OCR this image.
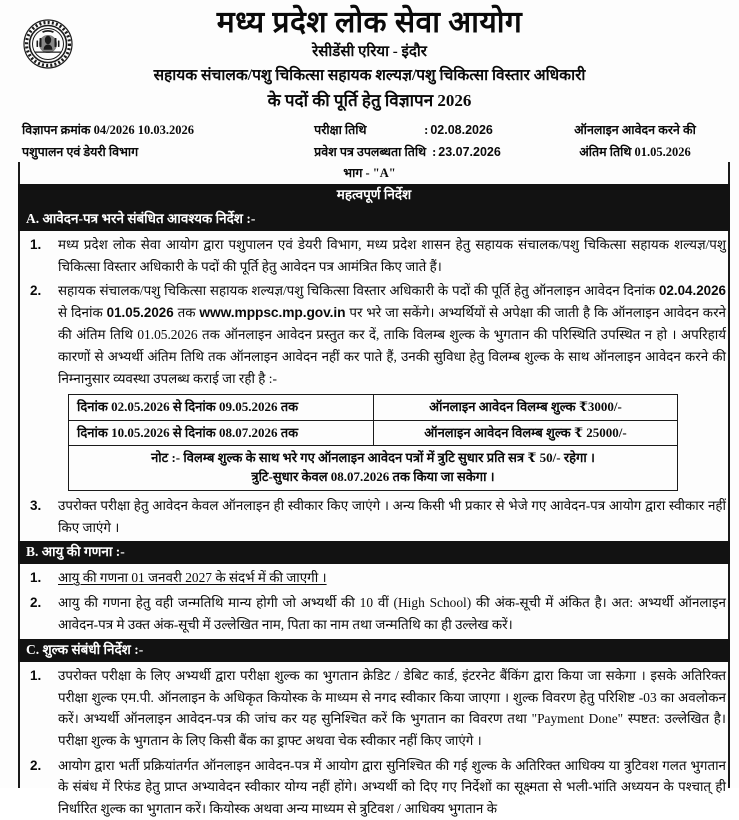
मध्य प्रदेश लोक सेवा आयोग
रेसीडेंसी एरिया - इंदौर
सहायक संचालक/पशु चिकित्सा सहायक शल्यज्ञ/पशु चिकित्सा विस्तार अधिकारी
के पदों की पूर्ति हेतु विज्ञापन 2026
विज्ञापन क्रमांक 04/2026 10.03.2026
पशुपालन एवं डेयरी विभाग
परीक्षा तिथि	: 02.08.2026
प्रवेश पत्र उपलब्धता तिथि : 23.07.2026
ऑनलाइन आवेदन करने की
अंतिम तिथि 01.05.2026
भाग - "A"
महत्वपूर्ण निर्देश
A. आवेदन-पत्र भरने संबंधित आवश्यक निर्देश :-
1.	मध्य प्रदेश लोक सेवा आयोग द्वारा पशुपालन एवं डेयरी विभाग, मध्य प्रदेश शासन हेतु सहायक संचालक/पशु चिकित्सा सहायक शल्यज्ञ/पशु चिकित्सा विस्तार अधिकारी के पदों की पूर्ति हेतु आवेदन पत्र आमंत्रित किए जाते हैं।
2.	सहायक संचालक/पशु चिकित्सा सहायक शल्यज्ञ/पशु चिकित्सा विस्तार अधिकारी के पदों की पूर्ति हेतु ऑनलाइन आवेदन दिनांक 02.04.2026 से दिनांक 01.05.2026 तक www.mppsc.mp.gov.in पर भरे जा सकेंगे। अभ्यर्थियों से अपेक्षा की जाती है कि ऑनलाइन आवेदन करने की अंतिम तिथि 01.05.2026 तक ऑनलाइन आवेदन प्रस्तुत कर दें, ताकि विलम्ब शुल्क के भुगतान की परिस्थिति उपस्थित न हो । अपरिहार्य कारणों से अभ्यर्थी अंतिम तिथि तक ऑनलाइन आवेदन नहीं कर पाते हैं, उनकी सुविधा हेतु विलम्ब शुल्क के साथ ऑनलाइन आवेदन करने की निम्नानुसार व्यवस्था उपलब्ध कराई जा रही है :-
दिनांक 02.05.2026 से दिनांक 09.05.2026 तक	ऑनलाइन आवेदन विलम्ब शुल्क ₹3000/-
दिनांक 10.05.2026 से दिनांक 08.07.2026 तक	ऑनलाइन आवेदन विलम्ब शुल्क ₹ 25000/-

नोट :- विलम्ब शुल्क के साथ भरे गए ऑनलाइन आवेदन पत्रों में त्रुटि सुधार प्रति सत्र ₹ 50/- रहेगा ।
त्रुटि-सुधार केवल 08.07.2026 तक किया जा सकेगा ।	
3.	उपरोक्त परीक्षा हेतु आवेदन केवल ऑनलाइन ही स्वीकार किए जाएंगे । अन्य किसी भी प्रकार से भेजे गए आवेदन-पत्र आयोग द्वारा स्वीकार नहीं किए जाएंगे ।
B. आयु की गणना :-
1.	आयु की गणना 01 जनवरी 2027 के संदर्भ में की जाएगी ।
2.	आयु की गणना हेतु वही जन्मतिथि मान्य होगी जो अभ्यर्थी की 10 वीं (High School) की अंक-सूची में अंकित है। अत: अभ्यर्थी ऑनलाइन आवेदन-पत्र मे उक्त अंक-सूची में उल्लेखित नाम, पिता का नाम तथा जन्मतिथि का ही उल्लेख करें।
C. शुल्क संबंधी निर्देश :-
1.	उपरोक्त परीक्षा के लिए अभ्यर्थी द्वारा परीक्षा शुल्क का भुगतान क्रेडिट / डेबिट कार्ड, इंटरनेट बैंकिंग द्वारा किया जा सकेगा । इसके अतिरिक्त परीक्षा शुल्क एम.पी. ऑनलाइन के अधिकृत कियोस्क के माध्यम से नगद स्वीकार किया जाएगा । शुल्क विवरण हेतु परिशिष्ट -03 का अवलोकन करें। अभ्यर्थी ऑनलाइन आवेदन-पत्र की जांच कर यह सुनिश्चित करें कि भुगतान का विवरण तथा "Payment Done" स्पष्टत: उल्लेखित है। परीक्षा शुल्क के भुगतान के लिए किसी बैंक का ड्राफ्ट अथवा चेक स्वीकार नहीं किए जाएंगे ।
2.	आयोग द्वारा भर्ती प्रक्रियांतर्गत ऑनलाइन आवेदन-पत्र में आयोग द्वारा सुनिश्चित की गई शुल्क के अतिरिक्त आधिक्य या त्रुटिवश गलत भुगतान के संबंध में रिफंड हेतु प्राप्त अभ्यावेदन स्वीकार योग्य नहीं होंगे। अभ्यर्थी को दिए गए निर्देशों का सूक्ष्मता से भली-भांति अध्ययन के पश्चात् ही निर्धारित शुल्क का भुगतान करें। कियोस्क अथवा अन्य माध्यम से त्रुटिवश / आधिक्य भुगतान के
